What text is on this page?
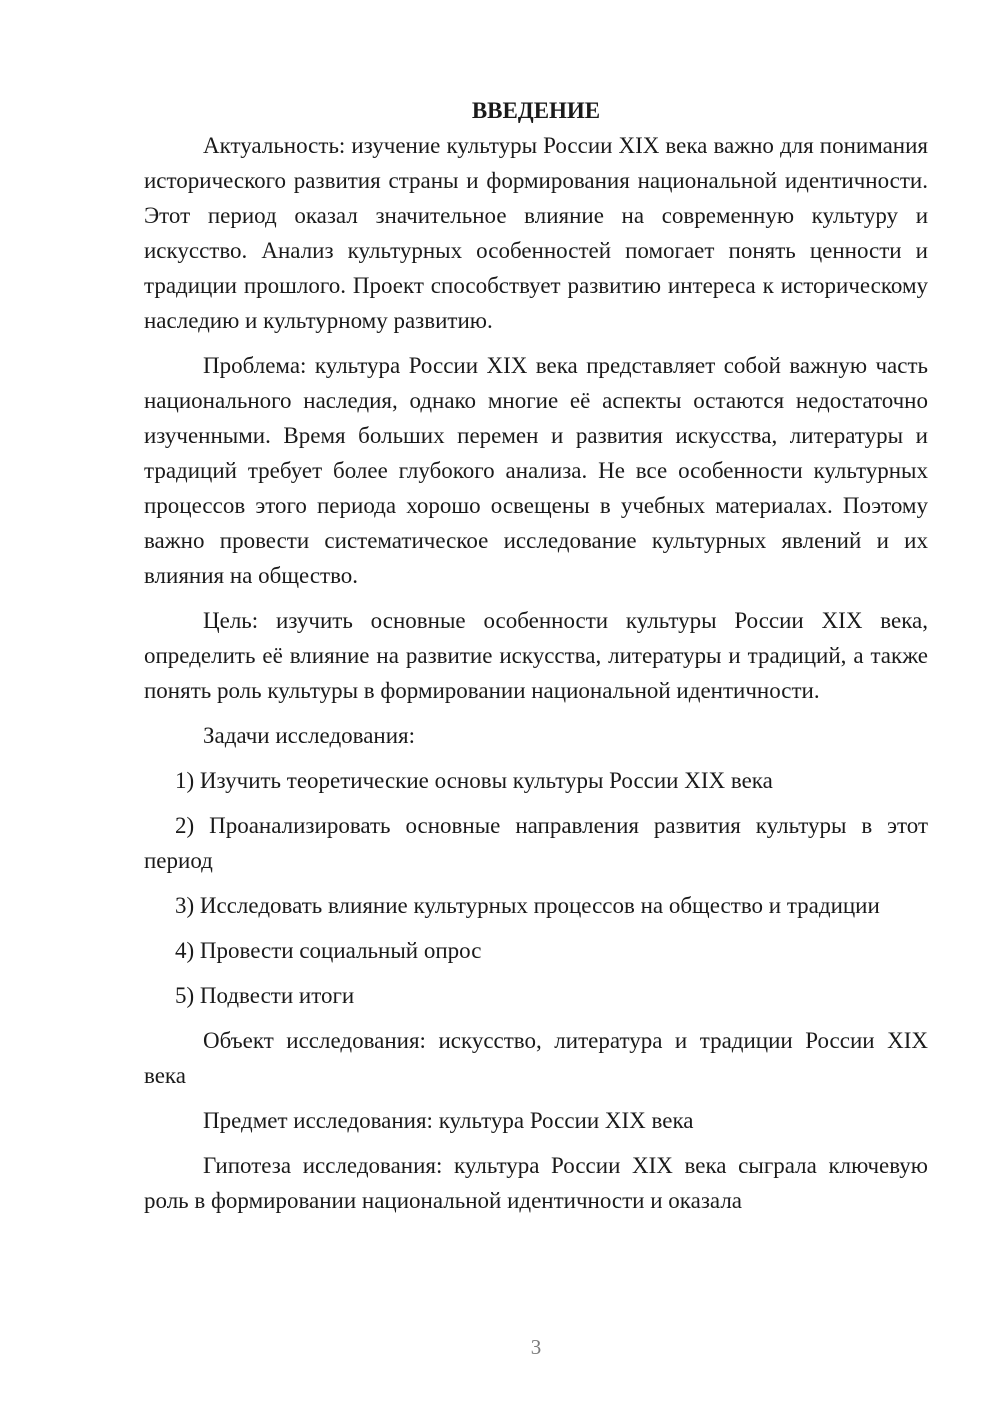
ВВЕДЕНИЕ

Актуальность: изучение культуры России XIX века важно для понимания исторического развития страны и формирования национальной идентичности. Этот период оказал значительное влияние на современную культуру и искусство. Анализ культурных особенностей помогает понять ценности и традиции прошлого. Проект способствует развитию интереса к историческому наследию и культурному развитию.

Проблема: культура России XIX века представляет собой важную часть национального наследия, однако многие её аспекты остаются недостаточно изученными. Время больших перемен и развития искусства, литературы и традиций требует более глубокого анализа. Не все особенности культурных процессов этого периода хорошо освещены в учебных материалах. Поэтому важно провести систематическое исследование культурных явлений и их влияния на общество.

Цель: изучить основные особенности культуры России XIX века, определить её влияние на развитие искусства, литературы и традиций, а также понять роль культуры в формировании национальной идентичности.

Задачи исследования:

1) Изучить теоретические основы культуры России XIX века
2) Проанализировать основные направления развития культуры в этот период
3) Исследовать влияние культурных процессов на общество и традиции
4) Провести социальный опрос
5) Подвести итоги

Объект исследования: искусство, литература и традиции России XIX века

Предмет исследования: культура России XIX века

Гипотеза исследования: культура России XIX века сыграла ключевую роль в формировании национальной идентичности и оказала

3
